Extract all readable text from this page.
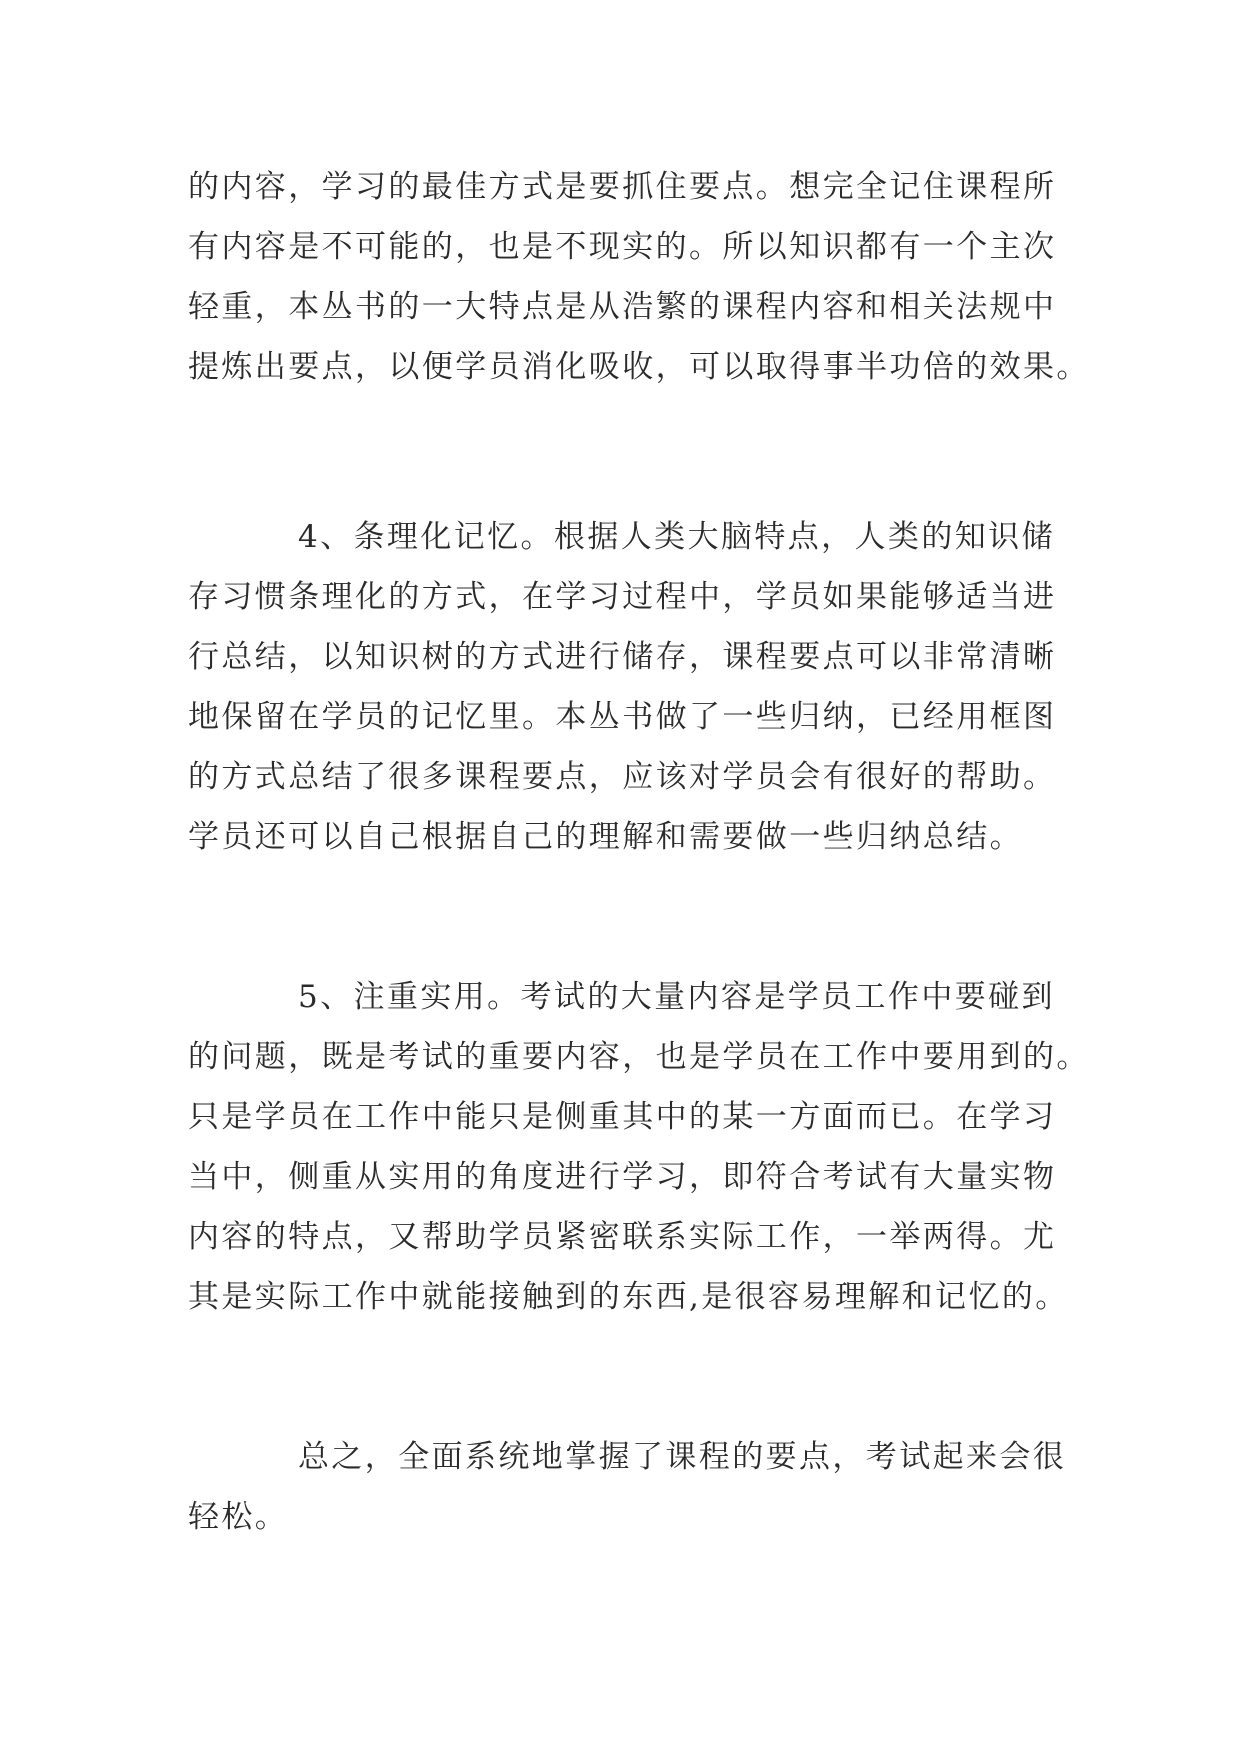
的内容，学习的最佳方式是要抓住要点。想完全记住课程所
有内容是不可能的，也是不现实的。所以知识都有一个主次
轻重，本丛书的一大特点是从浩繁的课程内容和相关法规中
提炼出要点，以便学员消化吸收，可以取得事半功倍的效果。
4、条理化记忆。根据人类大脑特点，人类的知识储
存习惯条理化的方式，在学习过程中，学员如果能够适当进
行总结，以知识树的方式进行储存，课程要点可以非常清晰
地保留在学员的记忆里。本丛书做了一些归纳，已经用框图
的方式总结了很多课程要点，应该对学员会有很好的帮助。
学员还可以自己根据自己的理解和需要做一些归纳总结。
5、注重实用。考试的大量内容是学员工作中要碰到
的问题，既是考试的重要内容，也是学员在工作中要用到的。
只是学员在工作中能只是侧重其中的某一方面而已。在学习
当中，侧重从实用的角度进行学习，即符合考试有大量实物
内容的特点，又帮助学员紧密联系实际工作，一举两得。尤
其是实际工作中就能接触到的东西,是很容易理解和记忆的。
总之，全面系统地掌握了课程的要点，考试起来会很
轻松。
